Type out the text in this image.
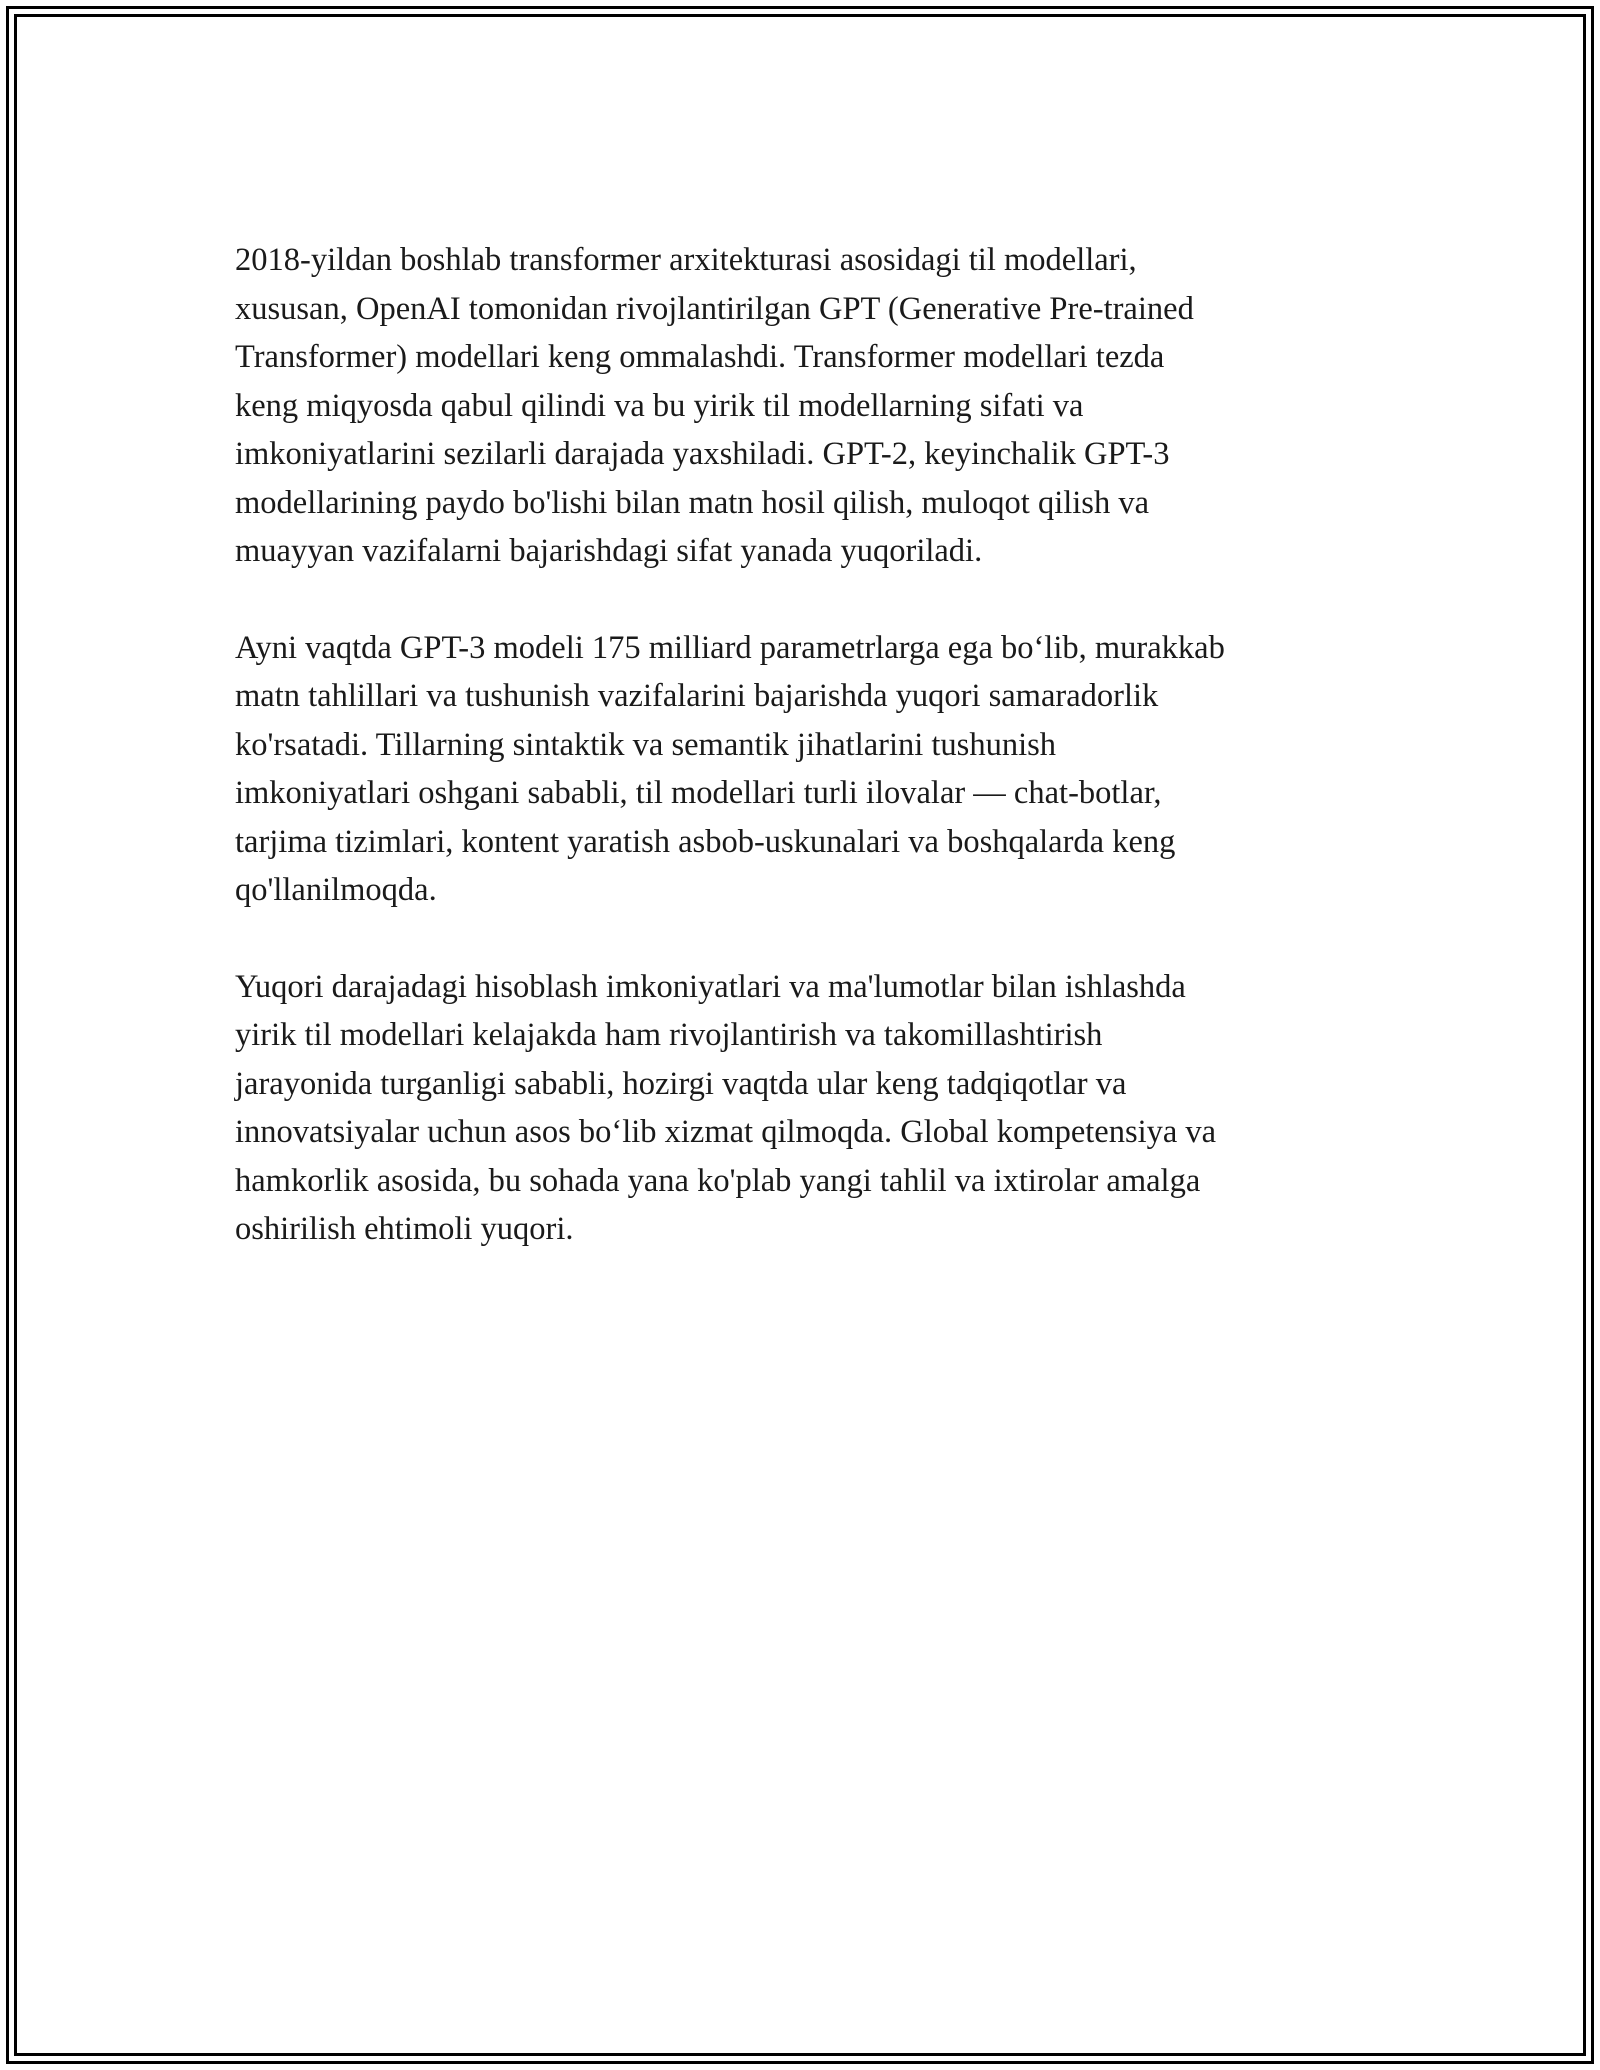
2018-yildan boshlab transformer arxitekturasi asosidagi til modellari,
xususan, OpenAI tomonidan rivojlantirilgan GPT (Generative Pre-trained
Transformer) modellari keng ommalashdi. Transformer modellari tezda
keng miqyosda qabul qilindi va bu yirik til modellarning sifati va
imkoniyatlarini sezilarli darajada yaxshiladi. GPT-2, keyinchalik GPT-3
modellarining paydo bo'lishi bilan matn hosil qilish, muloqot qilish va
muayyan vazifalarni bajarishdagi sifat yanada yuqoriladi.

Ayni vaqtda GPT-3 modeli 175 milliard parametrlarga ega bo‘lib, murakkab
matn tahlillari va tushunish vazifalarini bajarishda yuqori samaradorlik
ko'rsatadi. Tillarning sintaktik va semantik jihatlarini tushunish
imkoniyatlari oshgani sababli, til modellari turli ilovalar — chat-botlar,
tarjima tizimlari, kontent yaratish asbob-uskunalari va boshqalarda keng
qo'llanilmoqda.

Yuqori darajadagi hisoblash imkoniyatlari va ma'lumotlar bilan ishlashda
yirik til modellari kelajakda ham rivojlantirish va takomillashtirish
jarayonida turganligi sababli, hozirgi vaqtda ular keng tadqiqotlar va
innovatsiyalar uchun asos bo‘lib xizmat qilmoqda. Global kompetensiya va
hamkorlik asosida, bu sohada yana ko'plab yangi tahlil va ixtirolar amalga
oshirilish ehtimoli yuqori.
